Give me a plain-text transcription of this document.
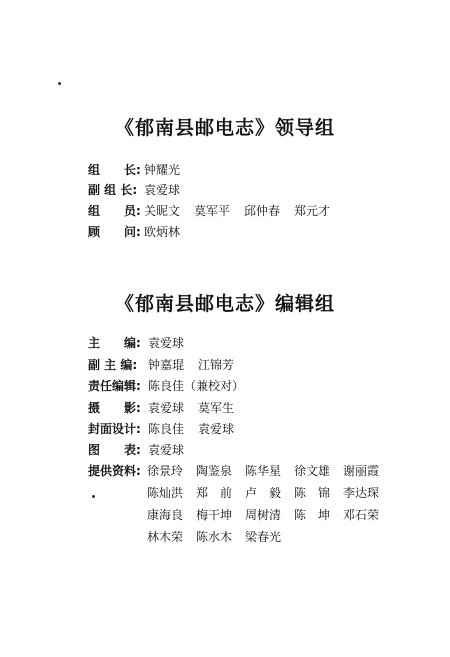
《郁南县邮电志》领导组
组　　长: 钟耀光
副 组 长: 袁爱球
组　　员: 关昵文 莫军平 邱仲春 郑元才
顾　　问: 欧炳林
《郁南县邮电志》编辑组
主　　编: 袁爱球
副 主 编: 钟嘉琨 江锦芳
责任编辑: 陈良佳（兼校对）
摄　　影: 袁爱球 莫军生
封面设计: 陈良佳 袁爱球
图　　表: 袁爱球
提供资料: 徐景玲 陶鉴泉 陈华星 徐文雄 谢丽霞
陈灿洪 郑　前 卢　毅 陈　锦 李达琛
康海良 梅干坤 周树清 陈　坤 邓石荣
林木荣 陈水木 梁春光
